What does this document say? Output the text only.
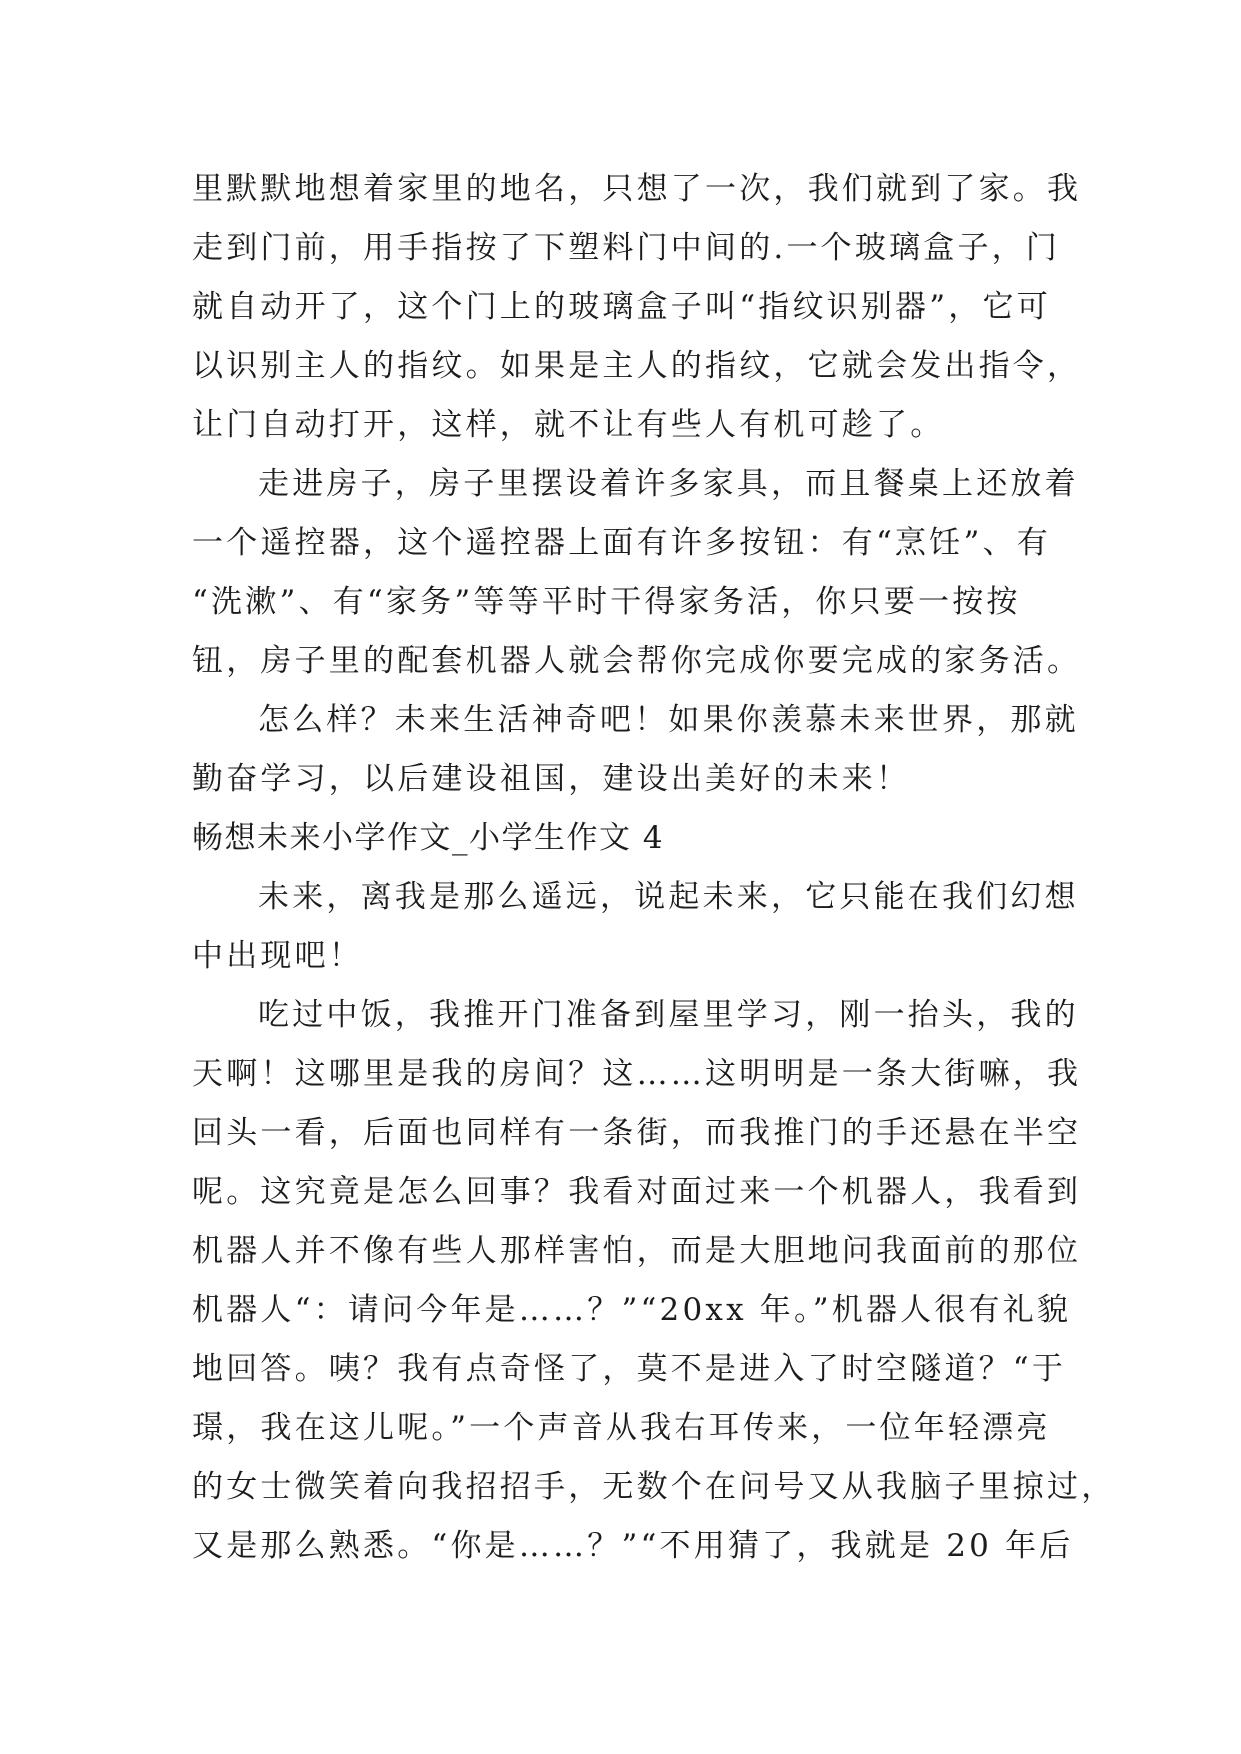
里默默地想着家里的地名，只想了一次，我们就到了家。我
走到门前，用手指按了下塑料门中间的.一个玻璃盒子，门
就自动开了，这个门上的玻璃盒子叫“指纹识别器”，它可
以识别主人的指纹。如果是主人的指纹，它就会发出指令，
让门自动打开，这样，就不让有些人有机可趁了。
走进房子，房子里摆设着许多家具，而且餐桌上还放着
一个遥控器，这个遥控器上面有许多按钮：有“烹饪”、有
“洗漱”、有“家务”等等平时干得家务活，你只要一按按
钮，房子里的配套机器人就会帮你完成你要完成的家务活。
怎么样？未来生活神奇吧！如果你羡慕未来世界，那就
勤奋学习，以后建设祖国，建设出美好的未来！
畅想未来小学作文_小学生作文 4
未来，离我是那么遥远，说起未来，它只能在我们幻想
中出现吧！
吃过中饭，我推开门准备到屋里学习，刚一抬头，我的
天啊！这哪里是我的房间？这……这明明是一条大街嘛，我
回头一看，后面也同样有一条街，而我推门的手还悬在半空
呢。这究竟是怎么回事？我看对面过来一个机器人，我看到
机器人并不像有些人那样害怕，而是大胆地问我面前的那位
机器人“：请问今年是……？”“20xx 年。”机器人很有礼貌
地回答。咦？我有点奇怪了，莫不是进入了时空隧道？“于
璟，我在这儿呢。”一个声音从我右耳传来，一位年轻漂亮
的女士微笑着向我招招手，无数个在问号又从我脑子里掠过，
又是那么熟悉。“你是……？”“不用猜了，我就是 20 年后
